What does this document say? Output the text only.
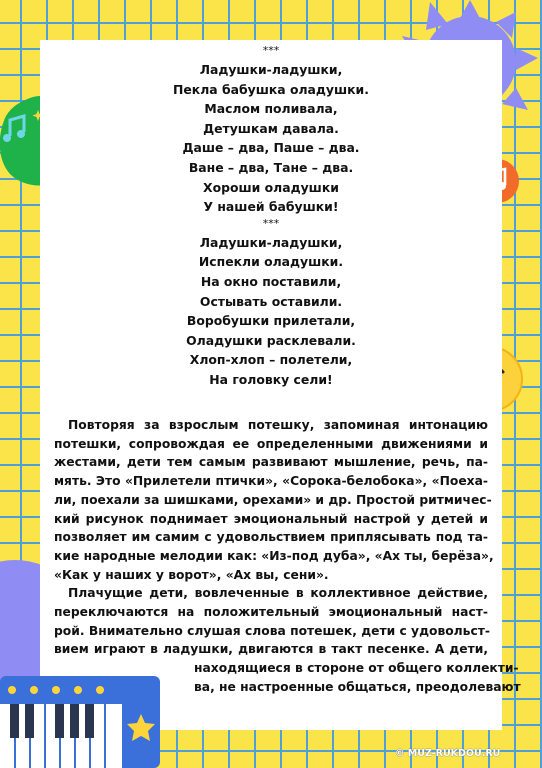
***
Ладушки-ладушки,
Пекла бабушка оладушки.
Маслом поливала,
Детушкам давала.
Даше – два, Паше – два.
Ване – два, Тане – два.
Хороши оладушки
У нашей бабушки!
***
Ладушки-ладушки,
Испекли оладушки.
На окно поставили,
Остывать оставили.
Воробушки прилетали,
Оладушки расклевали.
Хлоп-хлоп – полетели,
На головку сели!
Повторяя за взрослым потешку, запоминая интонацию
потешки, сопровождая ее определенными движениями и
жестами, дети тем самым развивают мышление, речь, па-
мять. Это «Прилетели птички», «Сорока-белобока», «Поеха-
ли, поехали за шишками, орехами» и др. Простой ритмичес-
кий рисунок поднимает эмоциональный настрой у детей и
позволяет им самим с удовольствием приплясывать под та-
кие народные мелодии как: «Из-под дуба», «Ах ты, берёза»,
«Как у наших у ворот», «Ах вы, сени».
Плачущие дети, вовлеченные в коллективное действие,
переключаются на положительный эмоциональный наст-
рой. Внимательно слушая слова потешек, дети с удовольст-
вием играют в ладушки, двигаются в такт песенке. А дети,
находящиеся в стороне от общего коллекти-
ва, не настроенные общаться, преодолевают
© MUZ-RUKDOU.RU
